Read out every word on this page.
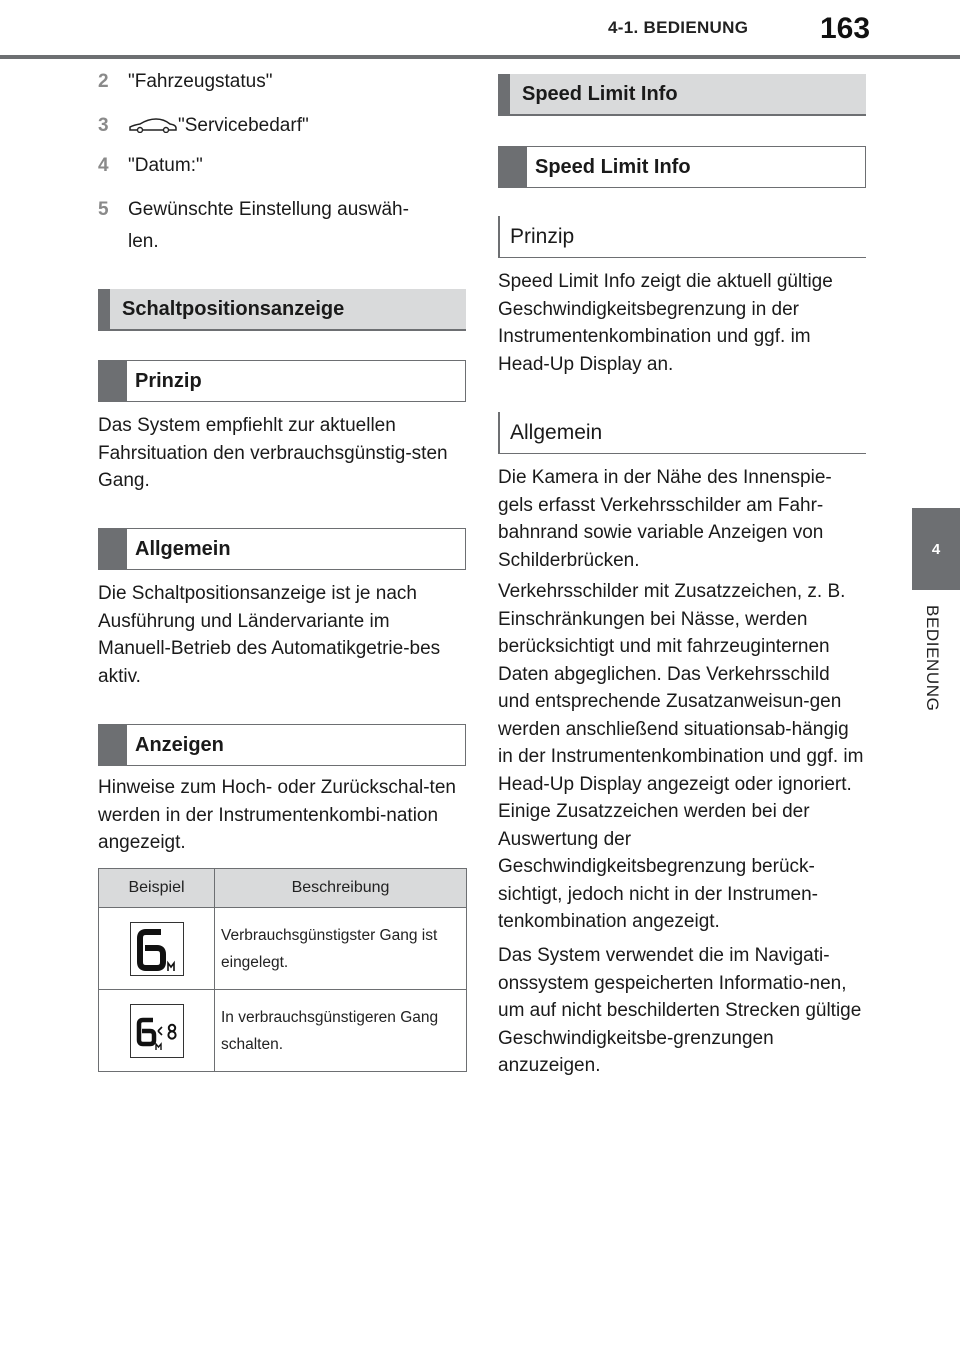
4-1. BEDIENUNG 163
4
BEDIENUNG
2 "Fahrzeugstatus"
3	"Servicebedarf"
4 "Datum:"
5 Gewünschte Einstellung auswäh-len.
Schaltpositionsanzeige
Prinzip

Das System empfiehlt zur aktuellen Fahrsituation den verbrauchsgünstig-sten Gang.

Allgemein

Die Schaltpositionsanzeige ist je nach Ausführung und Ländervariante im Manuell-Betrieb des Automatikgetrie-bes aktiv.

Anzeigen

Hinweise zum Hoch- oder Zurückschal-ten werden in der Instrumentenkombi-nation angezeigt.

Beispiel	Beschreibung

	Verbrauchsgünstigster Gang ist eingelegt.

	In verbrauchsgünstigeren Gang schalten.
Speed Limit Info
Speed Limit Info
Prinzip

Speed Limit Info zeigt die aktuell gültige Geschwindigkeitsbegrenzung in der Instrumentenkombination und ggf. im Head-Up Display an.

Allgemein

Die Kamera in der Nähe des Innenspie-gels erfasst Verkehrsschilder am Fahr-bahnrand sowie variable Anzeigen von Schilderbrücken.

Verkehrsschilder mit Zusatzzeichen, z. B. Einschränkungen bei Nässe, werden berücksichtigt und mit fahrzeuginternen Daten abgeglichen. Das Verkehrsschild und entsprechende Zusatzanweisun-gen werden anschließend situationsab-hängig in der Instrumentenkombination und ggf. im Head-Up Display angezeigt oder ignoriert. Einige Zusatzzeichen werden bei der Auswertung der Geschwindigkeitsbegrenzung berück-sichtigt, jedoch nicht in der Instrumen-tenkombination angezeigt.

Das System verwendet die im Navigati-onssystem gespeicherten Informatio-nen, um auf nicht beschilderten Strecken gültige Geschwindigkeitsbe-grenzungen anzuzeigen.
